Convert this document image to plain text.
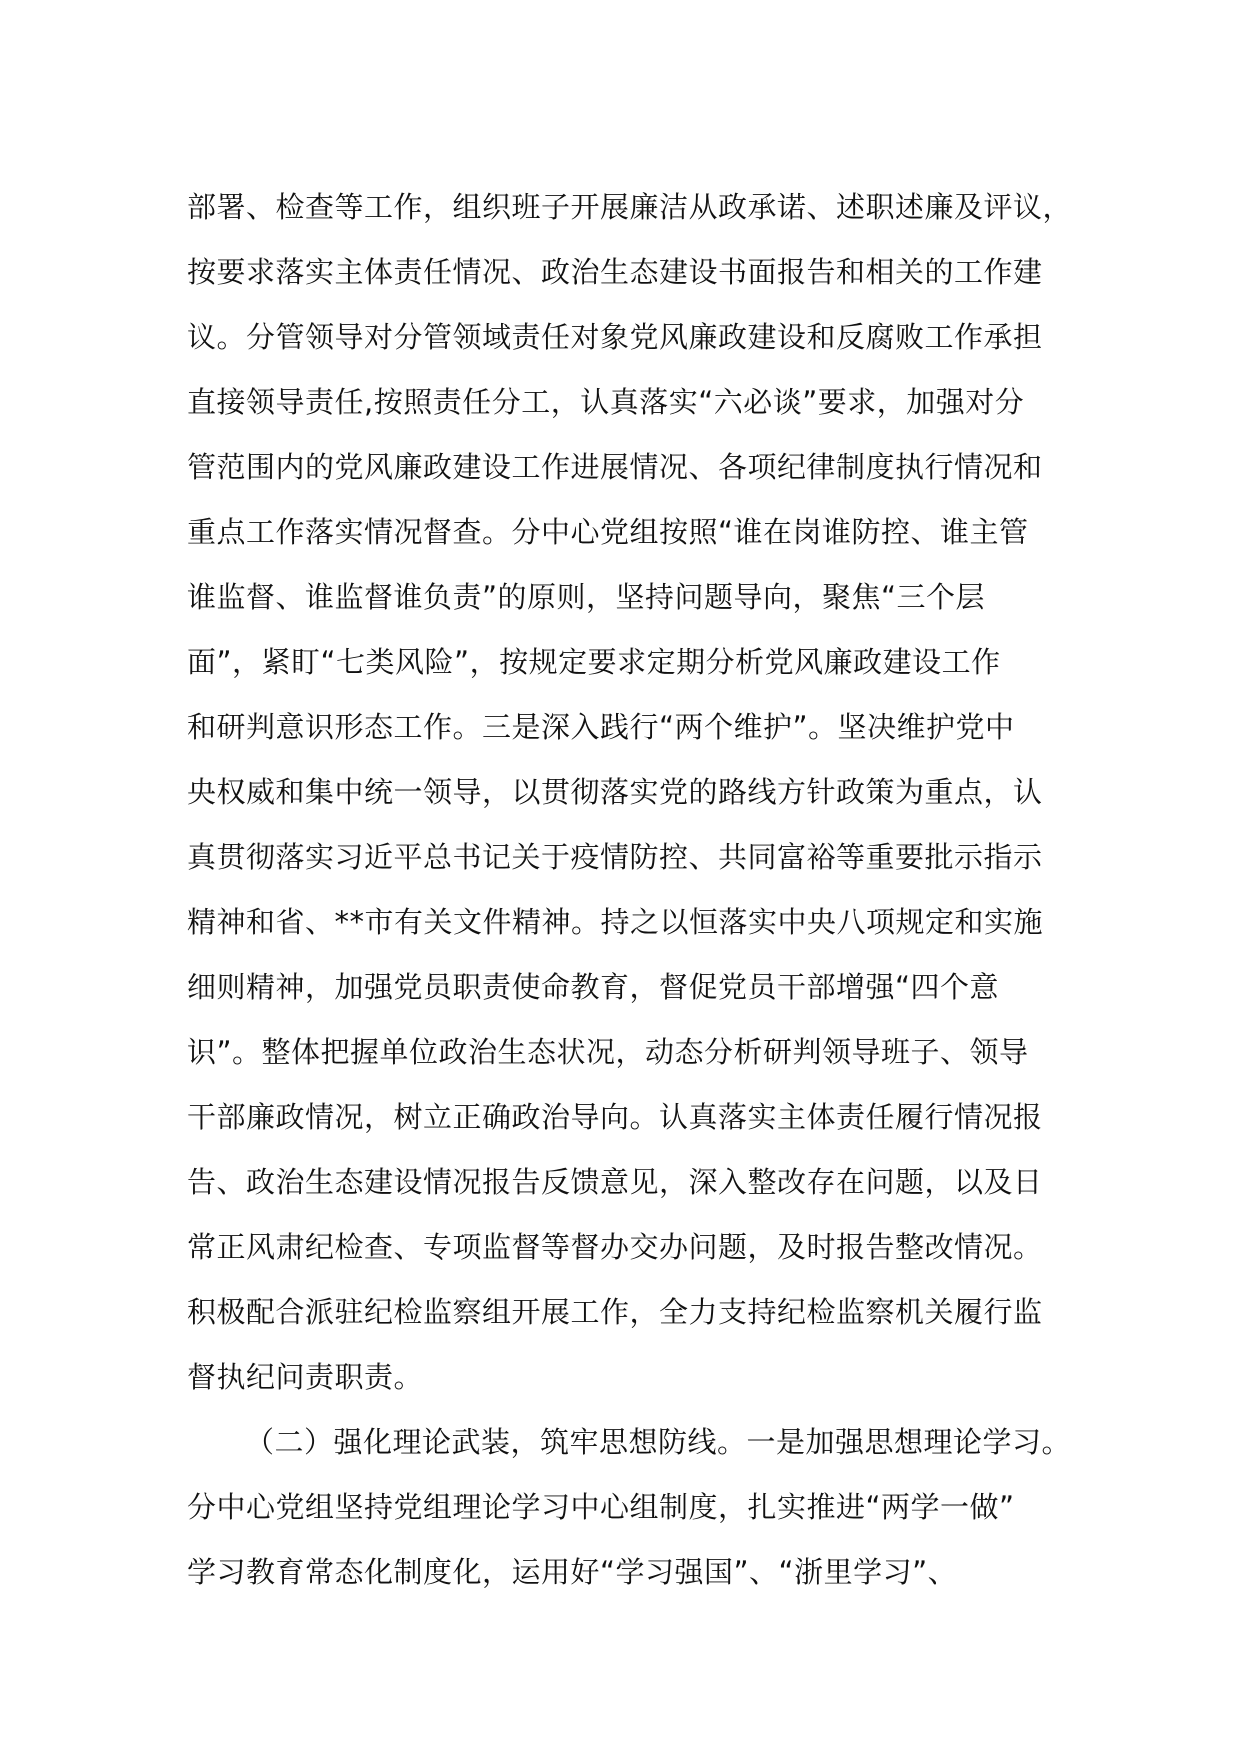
部署、检查等工作，组织班子开展廉洁从政承诺、述职述廉及评议，
按要求落实主体责任情况、政治生态建设书面报告和相关的工作建
议。分管领导对分管领域责任对象党风廉政建设和反腐败工作承担
直接领导责任,按照责任分工，认真落实“六必谈”要求，加强对分
管范围内的党风廉政建设工作进展情况、各项纪律制度执行情况和
重点工作落实情况督查。分中心党组按照“谁在岗谁防控、谁主管
谁监督、谁监督谁负责”的原则，坚持问题导向，聚焦“三个层
面”，紧盯“七类风险”，按规定要求定期分析党风廉政建设工作
和研判意识形态工作。三是深入践行“两个维护”。坚决维护党中
央权威和集中统一领导，以贯彻落实党的路线方针政策为重点，认
真贯彻落实习近平总书记关于疫情防控、共同富裕等重要批示指示
精神和省、**市有关文件精神。持之以恒落实中央八项规定和实施
细则精神，加强党员职责使命教育，督促党员干部增强“四个意
识”。整体把握单位政治生态状况，动态分析研判领导班子、领导
干部廉政情况，树立正确政治导向。认真落实主体责任履行情况报
告、政治生态建设情况报告反馈意见，深入整改存在问题，以及日
常正风肃纪检查、专项监督等督办交办问题，及时报告整改情况。
积极配合派驻纪检监察组开展工作，全力支持纪检监察机关履行监
督执纪问责职责。
（二）强化理论武装，筑牢思想防线。一是加强思想理论学习。
分中心党组坚持党组理论学习中心组制度，扎实推进“两学一做”
学习教育常态化制度化，运用好“学习强国”、“浙里学习”、
